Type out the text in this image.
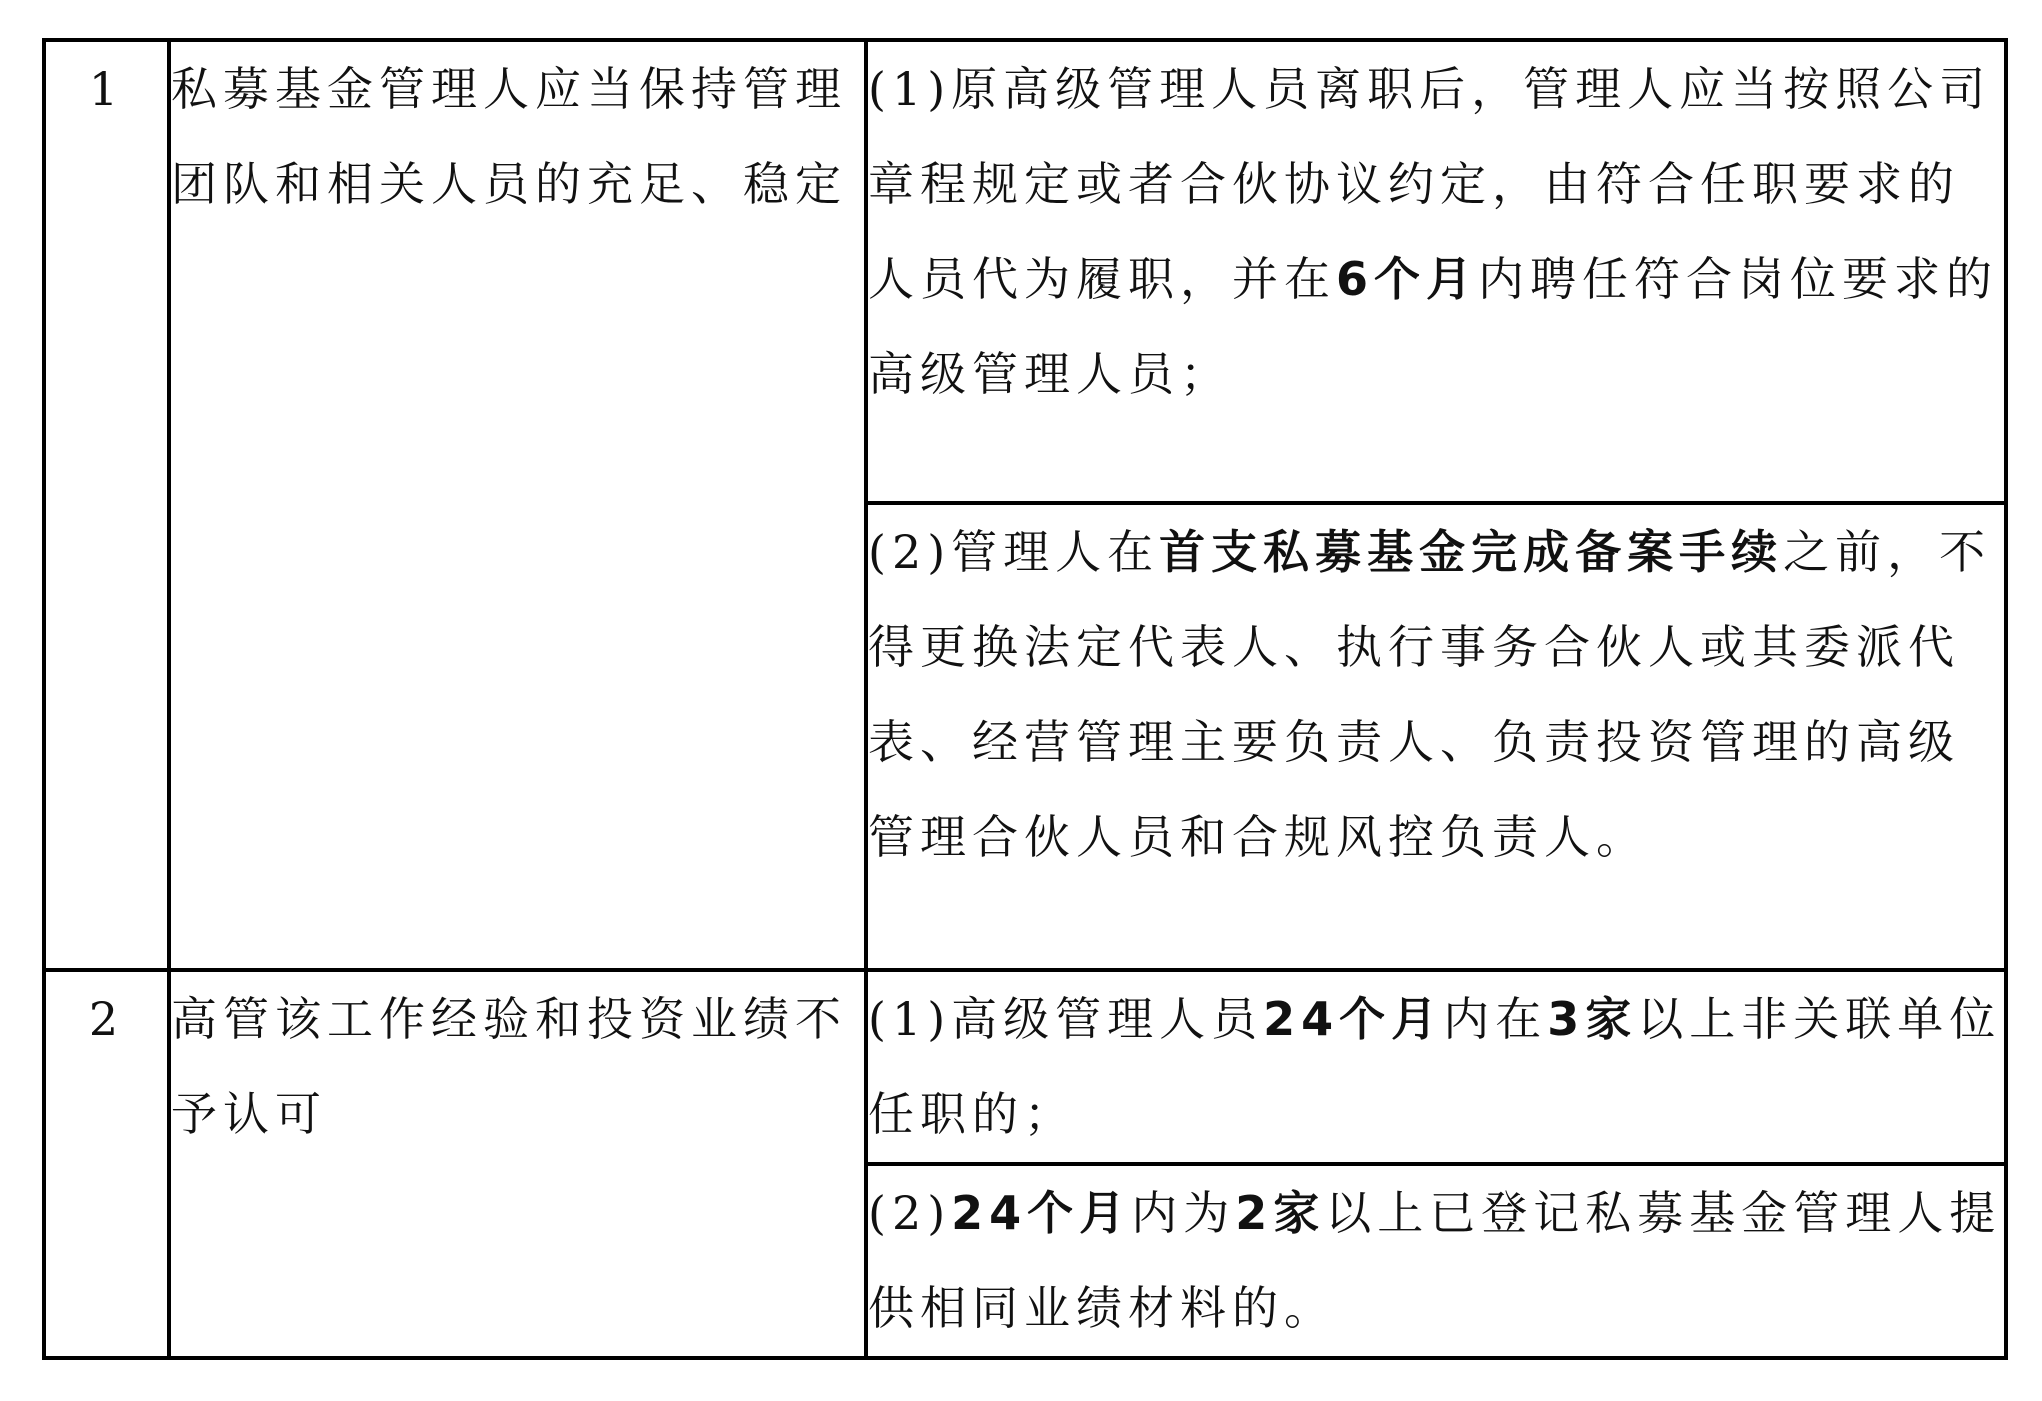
1	私募基金管理人应当保持管理团队和相关人员的充足、稳定	(1)原高级管理人员离职后，管理人应当按照公司章程规定或者合伙协议约定，由符合任职要求的人员代为履职，并在6个月内聘任符合岗位要求的高级管理人员；
		(2)管理人在首支私募基金完成备案手续之前，不得更换法定代表人、执行事务合伙人或其委派代表、经营管理主要负责人、负责投资管理的高级管理合伙人员和合规风控负责人。
2	高管该工作经验和投资业绩不予认可	(1)高级管理人员24个月内在3家以上非关联单位任职的；
		(2)24个月内为2家以上已登记私募基金管理人提供相同业绩材料的。
